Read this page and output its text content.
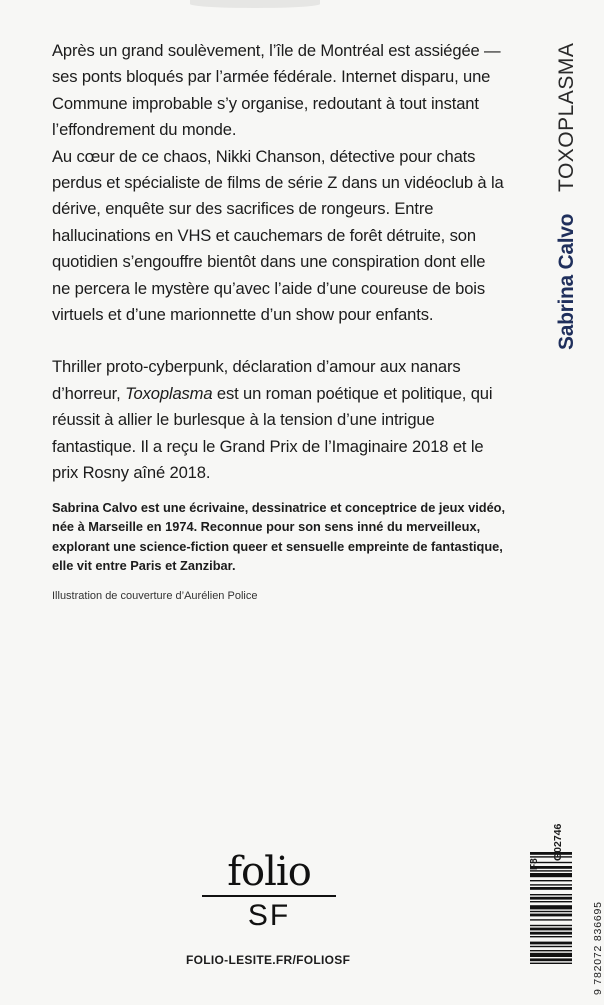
Après un grand soulèvement, l’île de Montréal est assiégée — ses ponts bloqués par l’armée fédérale. Internet disparu, une Commune improbable s’y organise, redoutant à tout instant l’effondrement du monde.

Au cœur de ce chaos, Nikki Chanson, détective pour chats perdus et spécialiste de films de série Z dans un vidéoclub à la dérive, enquête sur des sacrifices de rongeurs. Entre hallucinations en VHS et cauchemars de forêt détruite, son quotidien s’engouffre bientôt dans une conspiration dont elle ne percera le mystère qu’avec l’aide d’une coureuse de bois virtuels et d’une marionnette d’un show pour enfants.

Thriller proto-cyberpunk, déclaration d’amour aux nanars d’horreur, Toxoplasma est un roman poétique et politique, qui réussit à allier le burlesque à la tension d’une intrigue fantastique. Il a reçu le Grand Prix de l’Imaginaire 2018 et le prix Rosny aîné 2018.

Sabrina Calvo est une écrivaine, dessinatrice et conceptrice de jeux vidéo, née à Marseille en 1974. Reconnue pour son sens inné du merveilleux, explorant une science-fiction queer et sensuelle empreinte de fantastique, elle vit entre Paris et Zanzibar.
Illustration de couverture d’Aurélien Police
Sabrina Calvo
TOXOPLASMA
folio
SF
FOLIO-LESITE.FR/FOLIOSF
G02746
F8
9 782072 836695
